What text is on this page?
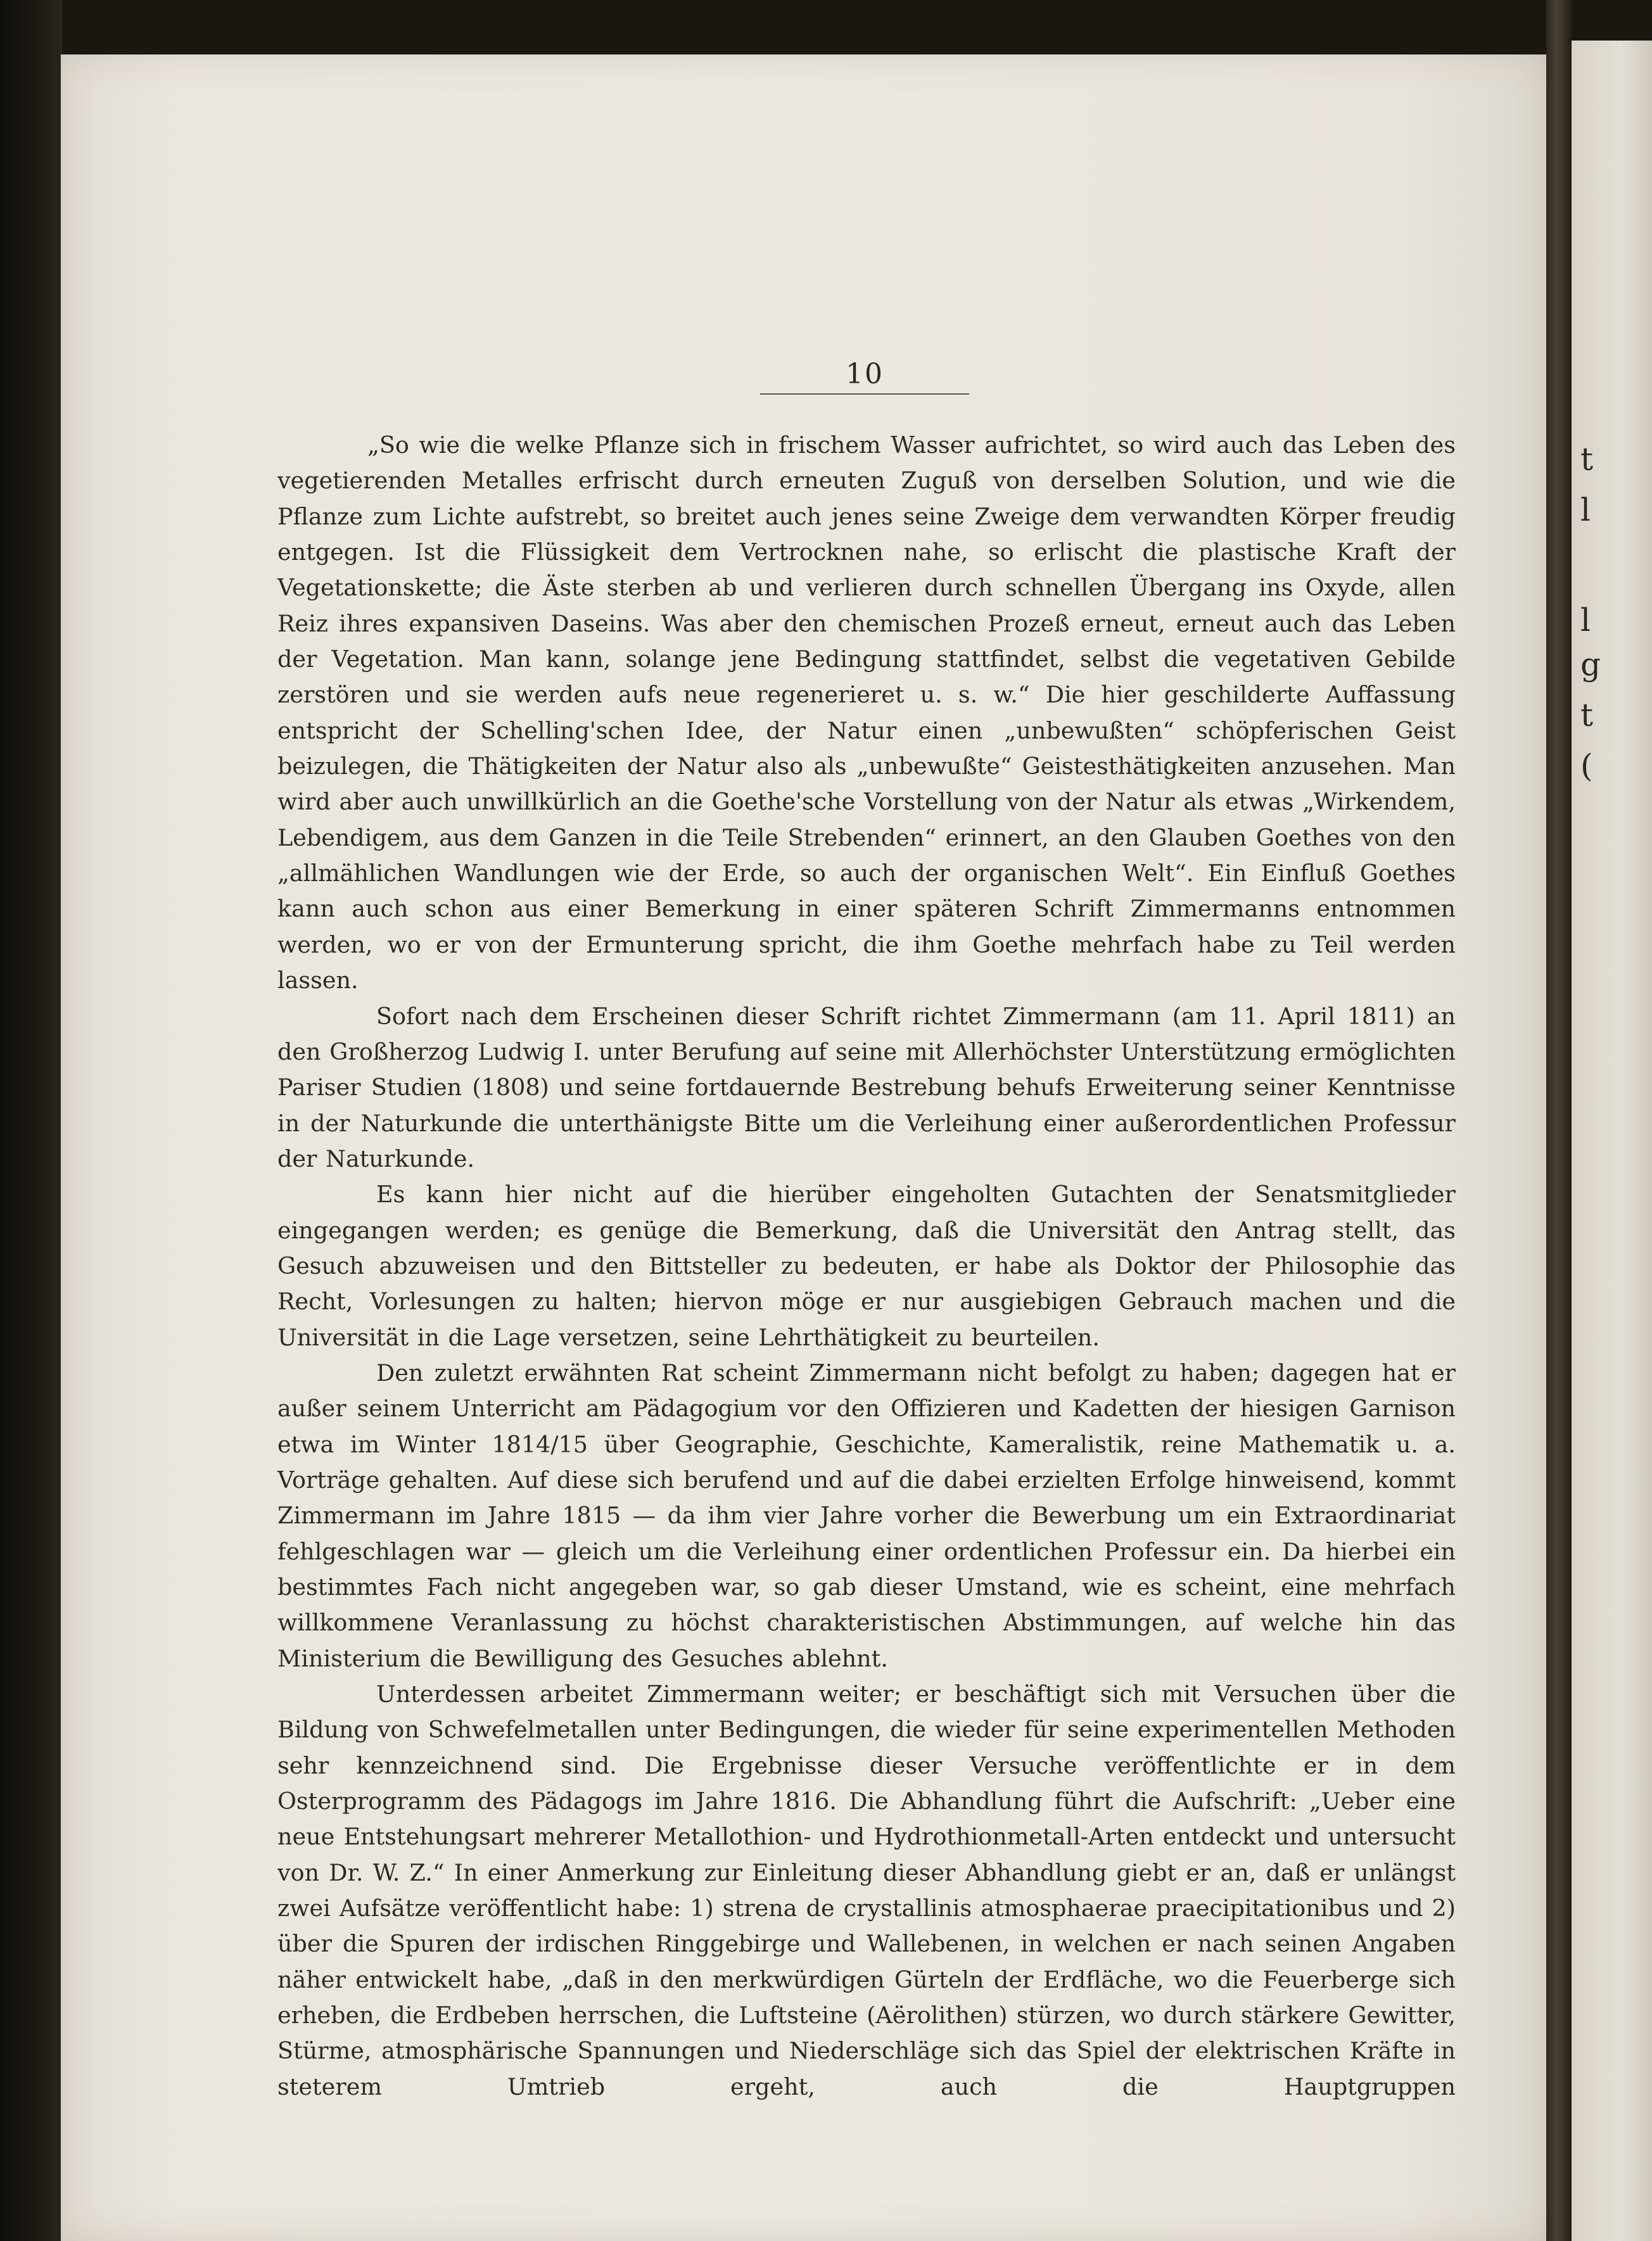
10

„So wie die welke Pflanze sich in frischem Wasser aufrichtet, so wird auch das Leben des vegetierenden Metalles erfrischt durch erneuten Zuguß von derselben Solution, und wie die Pflanze zum Lichte aufstrebt, so breitet auch jenes seine Zweige dem verwandten Körper freudig entgegen. Ist die Flüssigkeit dem Vertrocknen nahe, so erlischt die plastische Kraft der Vegetationskette; die Äste sterben ab und verlieren durch schnellen Übergang ins Oxyde, allen Reiz ihres expansiven Daseins. Was aber den chemischen Prozeß erneut, erneut auch das Leben der Vegetation. Man kann, solange jene Bedingung stattfindet, selbst die vegetativen Gebilde zerstören und sie werden aufs neue regenerieret u. s. w.“ Die hier geschilderte Auffassung entspricht der Schelling'schen Idee, der Natur einen „unbewußten“ schöpferischen Geist beizulegen, die Thätigkeiten der Natur also als „unbewußte“ Geistesthätigkeiten anzusehen. Man wird aber auch unwillkürlich an die Goethe'sche Vorstellung von der Natur als etwas „Wirkendem, Lebendigem, aus dem Ganzen in die Teile Strebenden“ erinnert, an den Glauben Goethes von den „allmählichen Wandlungen wie der Erde, so auch der organischen Welt“. Ein Einfluß Goethes kann auch schon aus einer Bemerkung in einer späteren Schrift Zimmermanns entnommen werden, wo er von der Ermunterung spricht, die ihm Goethe mehrfach habe zu Teil werden lassen.

Sofort nach dem Erscheinen dieser Schrift richtet Zimmermann (am 11. April 1811) an den Großherzog Ludwig I. unter Berufung auf seine mit Allerhöchster Unterstützung ermöglichten Pariser Studien (1808) und seine fortdauernde Bestrebung behufs Erweiterung seiner Kenntnisse in der Naturkunde die unterthänigste Bitte um die Verleihung einer außerordentlichen Professur der Naturkunde.

Es kann hier nicht auf die hierüber eingeholten Gutachten der Senatsmitglieder eingegangen werden; es genüge die Bemerkung, daß die Universität den Antrag stellt, das Gesuch abzuweisen und den Bittsteller zu bedeuten, er habe als Doktor der Philosophie das Recht, Vorlesungen zu halten; hiervon möge er nur ausgiebigen Gebrauch machen und die Universität in die Lage versetzen, seine Lehrthätigkeit zu beurteilen.

Den zuletzt erwähnten Rat scheint Zimmermann nicht befolgt zu haben; dagegen hat er außer seinem Unterricht am Pädagogium vor den Offizieren und Kadetten der hiesigen Garnison etwa im Winter 1814/15 über Geographie, Geschichte, Kameralistik, reine Mathematik u. a. Vorträge gehalten. Auf diese sich berufend und auf die dabei erzielten Erfolge hinweisend, kommt Zimmermann im Jahre 1815 — da ihm vier Jahre vorher die Bewerbung um ein Extraordinariat fehlgeschlagen war — gleich um die Verleihung einer ordentlichen Professur ein. Da hierbei ein bestimmtes Fach nicht angegeben war, so gab dieser Umstand, wie es scheint, eine mehrfach willkommene Veranlassung zu höchst charakteristischen Abstimmungen, auf welche hin das Ministerium die Bewilligung des Gesuches ablehnt.

Unterdessen arbeitet Zimmermann weiter; er beschäftigt sich mit Versuchen über die Bildung von Schwefelmetallen unter Bedingungen, die wieder für seine experimentellen Methoden sehr kennzeichnend sind. Die Ergebnisse dieser Versuche veröffentlichte er in dem Osterprogramm des Pädagogs im Jahre 1816. Die Abhandlung führt die Aufschrift: „Ueber eine neue Entstehungsart mehrerer Metallothion- und Hydrothionmetall-Arten entdeckt und untersucht von Dr. W. Z.“ In einer Anmerkung zur Einleitung dieser Abhandlung giebt er an, daß er unlängst zwei Aufsätze veröffentlicht habe: 1) strena de crystallinis atmosphaerae praecipitationibus und 2) über die Spuren der irdischen Ringgebirge und Wallebenen, in welchen er nach seinen Angaben näher entwickelt habe, „daß in den merkwürdigen Gürteln der Erdfläche, wo die Feuerberge sich erheben, die Erdbeben herrschen, die Luftsteine (Aërolithen) stürzen, wo durch stärkere Gewitter, Stürme, atmosphärische Spannungen und Niederschläge sich das Spiel der elektrischen Kräfte in steterem Umtrieb ergeht, auch die Hauptgruppen

t
l
l
g
t
(
